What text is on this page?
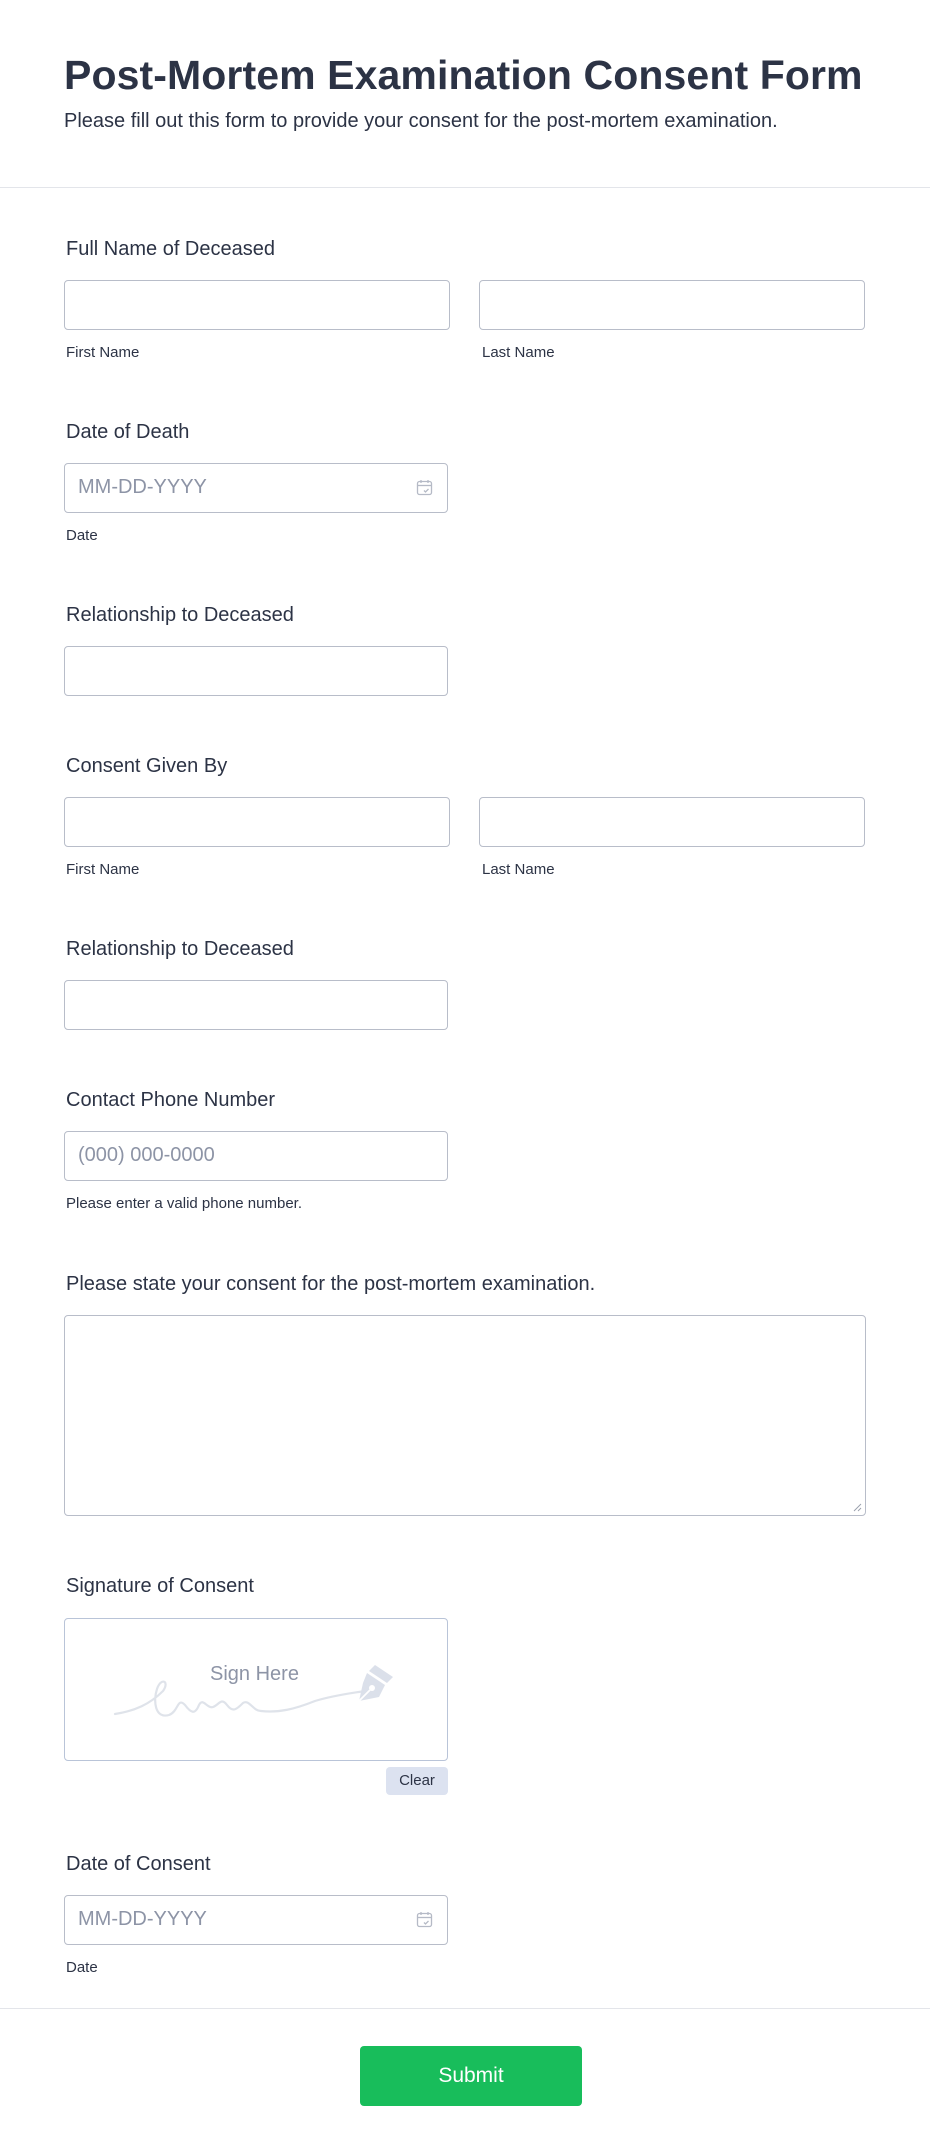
Post-Mortem Examination Consent Form
Please fill out this form to provide your consent for the post-mortem examination.
Full Name of Deceased
First Name	Last Name
Date of Death
MM-DD-YYYY
Date
Relationship to Deceased
Consent Given By
First Name	Last Name
Relationship to Deceased
Contact Phone Number
(000) 000-0000
Please enter a valid phone number.
Please state your consent for the post-mortem examination.
Signature of Consent
Sign Here
Clear
Date of Consent
MM-DD-YYYY
Date
Submit
